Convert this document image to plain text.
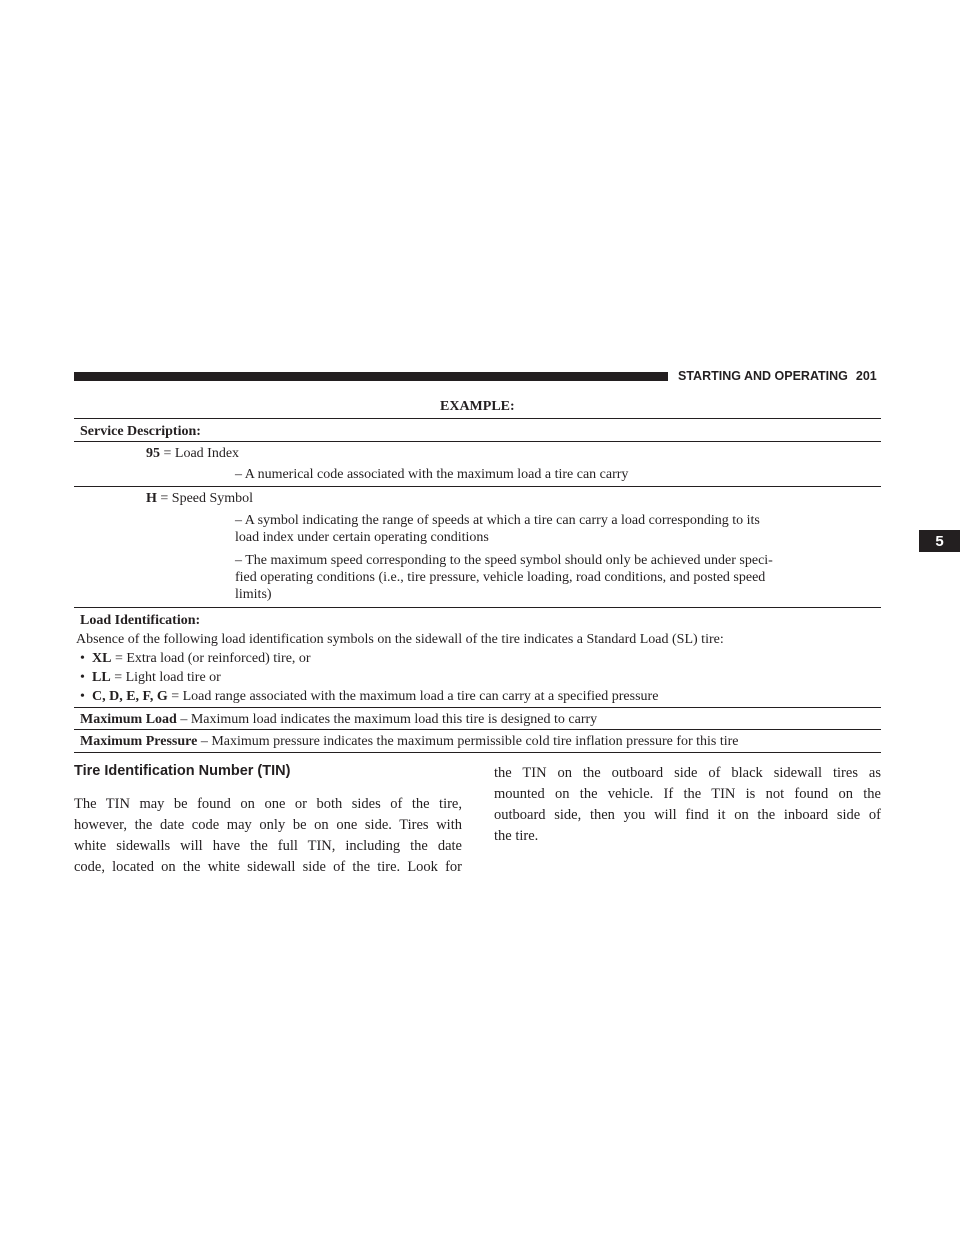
STARTING AND OPERATING 201
5
EXAMPLE:
Service Description:
95 = Load Index
– A numerical code associated with the maximum load a tire can carry
H = Speed Symbol
– A symbol indicating the range of speeds at which a tire can carry a load corresponding to its
load index under certain operating conditions
– The maximum speed corresponding to the speed symbol should only be achieved under speci-
fied operating conditions (i.e., tire pressure, vehicle loading, road conditions, and posted speed
limits)
Load Identification:
Absence of the following load identification symbols on the sidewall of the tire indicates a Standard Load (SL) tire:
• XL = Extra load (or reinforced) tire, or
• LL = Light load tire or
• C, D, E, F, G = Load range associated with the maximum load a tire can carry at a specified pressure
Maximum Load – Maximum load indicates the maximum load this tire is designed to carry
Maximum Pressure – Maximum pressure indicates the maximum permissible cold tire inflation pressure for this tire
Tire Identification Number (TIN)
The TIN may be found on one or both sides of the tire,
however, the date code may only be on one side. Tires with
white sidewalls will have the full TIN, including the date
code, located on the white sidewall side of the tire. Look for
the TIN on the outboard side of black sidewall tires as
mounted on the vehicle. If the TIN is not found on the
outboard side, then you will find it on the inboard side of
the tire.
